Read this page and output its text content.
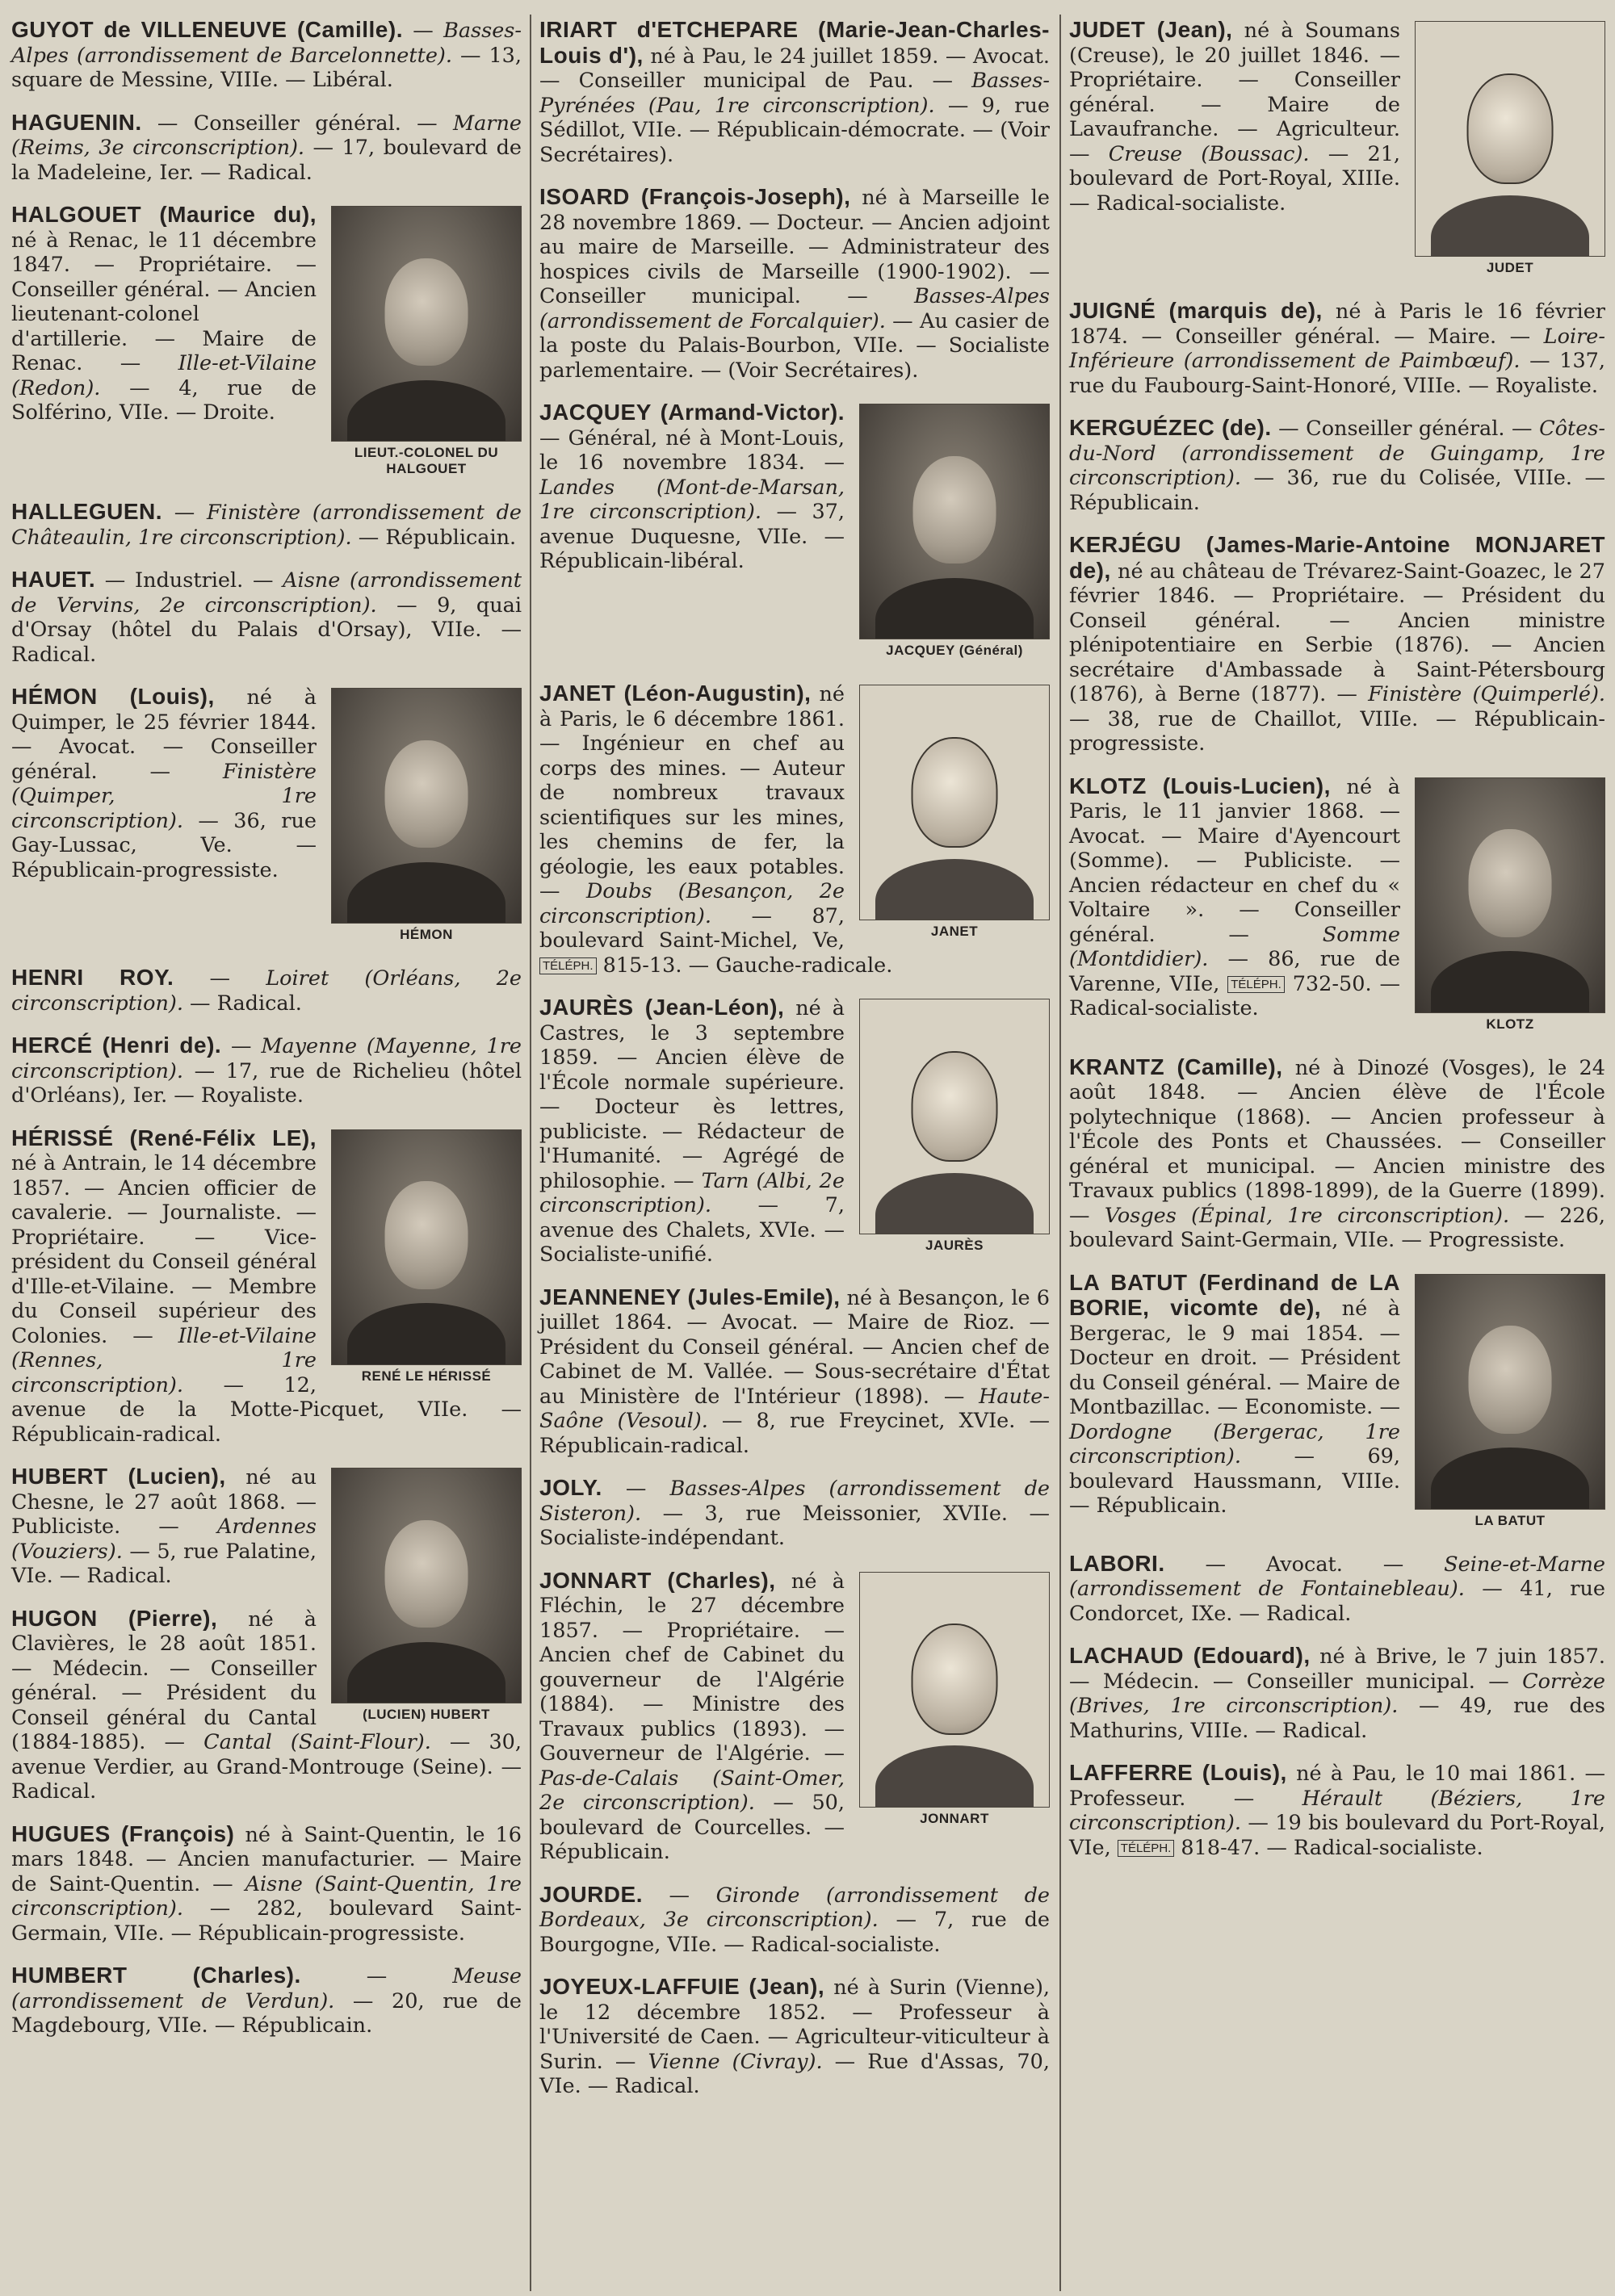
GUYOT de VILLENEUVE (Camille). — Basses-Alpes (arrondissement de Barcelonnette). — 13, square de Messine, VIIIe. — Libéral.

HAGUENIN. — Conseiller général. — Marne (Reims, 3e circonscription). — 17, boulevard de la Madeleine, Ier. — Radical.

LIEUT.-COLONEL DU HALGOUET
HALGOUET (Maurice du), né à Renac, le 11 décembre 1847. — Propriétaire. — Conseiller général. — Ancien lieutenant-colonel d'artillerie. — Maire de Renac. — Ille-et-Vilaine (Redon). — 4, rue de Solférino, VIIe. — Droite.

HALLEGUEN. — Finistère (arrondissement de Châteaulin, 1re circonscription). — Républicain.

HAUET. — Industriel. — Aisne (arrondissement de Vervins, 2e circonscription). — 9, quai d'Orsay (hôtel du Palais d'Orsay), VIIe. — Radical.

HÉMON
HÉMON (Louis), né à Quimper, le 25 février 1844. — Avocat. — Conseiller général. — Finistère (Quimper, 1re circonscription). — 36, rue Gay-Lussac, Ve. — Républicain-progressiste.

HENRI ROY. — Loiret (Orléans, 2e circonscription). — Radical.

HERCÉ (Henri de). — Mayenne (Mayenne, 1re circonscription). — 17, rue de Richelieu (hôtel d'Orléans), Ier. — Royaliste.

RENÉ LE HÉRISSÉ
HÉRISSÉ (René-Félix LE), né à Antrain, le 14 décembre 1857. — Ancien officier de cavalerie. — Journaliste. — Propriétaire. — Vice-président du Conseil général d'Ille-et-Vilaine. — Membre du Conseil supérieur des Colonies. — Ille-et-Vilaine (Rennes, 1re circonscription). — 12, avenue de la Motte-Picquet, VIIe. — Républicain-radical.
(LUCIEN) HUBERT
HUBERT (Lucien), né au Chesne, le 27 août 1868. — Publiciste. — Ardennes (Vouziers). — 5, rue Palatine, VIe. — Radical.

HUGON (Pierre), né à Clavières, le 28 août 1851. — Médecin. — Conseiller général. — Président du Conseil général du Cantal (1884-1885). — Cantal (Saint-Flour). — 30, avenue Verdier, au Grand-Montrouge (Seine). — Radical.

HUGUES (François) né à Saint-Quentin, le 16 mars 1848. — Ancien manufacturier. — Maire de Saint-Quentin. — Aisne (Saint-Quentin, 1re circonscription). — 282, boulevard Saint-Germain, VIIe. — Républicain-progressiste.

HUMBERT (Charles). — Meuse (arrondissement de Verdun). — 20, rue de Magdebourg, VIIe. — Républicain.

IRIART d'ETCHEPARE (Marie-Jean-Charles-Louis d'), né à Pau, le 24 juillet 1859. — Avocat. — Conseiller municipal de Pau. — Basses-Pyrénées (Pau, 1re circonscription). — 9, rue Sédillot, VIIe. — Républicain-démocrate. — (Voir Secrétaires).

ISOARD (François-Joseph), né à Marseille le 28 novembre 1869. — Docteur. — Ancien adjoint au maire de Marseille. — Administrateur des hospices civils de Marseille (1900-1902). — Conseiller municipal. — Basses-Alpes (arrondissement de Forcalquier). — Au casier de la poste du Palais-Bourbon, VIIe. — Socialiste parlementaire. — (Voir Secrétaires).

JACQUEY (Général)
JACQUEY (Armand-Victor). — Général, né à Mont-Louis, le 16 novembre 1834. — Landes (Mont-de-Marsan, 1re circonscription). — 37, avenue Duquesne, VIIe. — Républicain-libéral.
JANET
JANET (Léon-Augustin), né à Paris, le 6 décembre 1861. — Ingénieur en chef au corps des mines. — Auteur de nombreux travaux scientifiques sur les mines, les chemins de fer, la géologie, les eaux potables. — Doubs (Besançon, 2e circonscription). — 87, boulevard Saint-Michel, Ve, TÉLÉPH. 815-13. — Gauche-radicale.
JAURÈS
JAURÈS (Jean-Léon), né à Castres, le 3 septembre 1859. — Ancien élève de l'École normale supérieure. — Docteur ès lettres, publiciste. — Rédacteur de l'Humanité. — Agrégé de philosophie. — Tarn (Albi, 2e circonscription). — 7, avenue des Chalets, XVIe. — Socialiste-unifié.

JEANNENEY (Jules-Emile), né à Besançon, le 6 juillet 1864. — Avocat. — Maire de Rioz. — Président du Conseil général. — Ancien chef de Cabinet de M. Vallée. — Sous-secrétaire d'État au Ministère de l'Intérieur (1898). — Haute-Saône (Vesoul). — 8, rue Freycinet, XVIe. — Républicain-radical.

JOLY. — Basses-Alpes (arrondissement de Sisteron). — 3, rue Meissonier, XVIIe. — Socialiste-indépendant.

JONNART
JONNART (Charles), né à Fléchin, le 27 décembre 1857. — Propriétaire. — Ancien chef de Cabinet du gouverneur de l'Algérie (1884). — Ministre des Travaux publics (1893). — Gouverneur de l'Algérie. — Pas-de-Calais (Saint-Omer, 2e circonscription). — 50, boulevard de Courcelles. — Républicain.

JOURDE. — Gironde (arrondissement de Bordeaux, 3e circonscription). — 7, rue de Bourgogne, VIIe. — Radical-socialiste.

JOYEUX-LAFFUIE (Jean), né à Surin (Vienne), le 12 décembre 1852. — Professeur à l'Université de Caen. — Agriculteur-viticulteur à Surin. — Vienne (Civray). — Rue d'Assas, 70, VIe. — Radical.

JUDET
JUDET (Jean), né à Soumans (Creuse), le 20 juillet 1846. — Propriétaire. — Conseiller général. — Maire de Lavaufranche. — Agriculteur. — Creuse (Boussac). — 21, boulevard de Port-Royal, XIIIe. — Radical-socialiste.

JUIGNÉ (marquis de), né à Paris le 16 février 1874. — Conseiller général. — Maire. — Loire-Inférieure (arrondissement de Paimbœuf). — 137, rue du Faubourg-Saint-Honoré, VIIIe. — Royaliste.

KERGUÉZEC (de). — Conseiller général. — Côtes-du-Nord (arrondissement de Guingamp, 1re circonscription). — 36, rue du Colisée, VIIIe. — Républicain.

KERJÉGU (James-Marie-Antoine MONJARET de), né au château de Trévarez-Saint-Goazec, le 27 février 1846. — Propriétaire. — Président du Conseil général. — Ancien ministre plénipotentiaire en Serbie (1876). — Ancien secrétaire d'Ambassade à Saint-Pétersbourg (1876), à Berne (1877). — Finistère (Quimperlé). — 38, rue de Chaillot, VIIIe. — Républicain-progressiste.

KLOTZ
KLOTZ (Louis-Lucien), né à Paris, le 11 janvier 1868. — Avocat. — Maire d'Ayencourt (Somme). — Publiciste. — Ancien rédacteur en chef du « Voltaire ». — Conseiller général. — Somme (Montdidier). — 86, rue de Varenne, VIIe, TÉLÉPH. 732-50. — Radical-socialiste.

KRANTZ (Camille), né à Dinozé (Vosges), le 24 août 1848. — Ancien élève de l'École polytechnique (1868). — Ancien professeur à l'École des Ponts et Chaussées. — Conseiller général et municipal. — Ancien ministre des Travaux publics (1898-1899), de la Guerre (1899). — Vosges (Épinal, 1re circonscription). — 226, boulevard Saint-Germain, VIIe. — Progressiste.

LA BATUT
LA BATUT (Ferdinand de LA BORIE, vicomte de), né à Bergerac, le 9 mai 1854. — Docteur en droit. — Président du Conseil général. — Maire de Montbazillac. — Economiste. — Dordogne (Bergerac, 1re circonscription). — 69, boulevard Haussmann, VIIIe. — Républicain.

LABORI. — Avocat. — Seine-et-Marne (arrondissement de Fontainebleau). — 41, rue Condorcet, IXe. — Radical.

LACHAUD (Edouard), né à Brive, le 7 juin 1857. — Médecin. — Conseiller municipal. — Corrèze (Brives, 1re circonscription). — 49, rue des Mathurins, VIIIe. — Radical.

LAFFERRE (Louis), né à Pau, le 10 mai 1861. — Professeur. — Hérault (Béziers, 1re circonscription). — 19 bis boulevard du Port-Royal, VIe, TÉLÉPH. 818-47. — Radical-socialiste.
